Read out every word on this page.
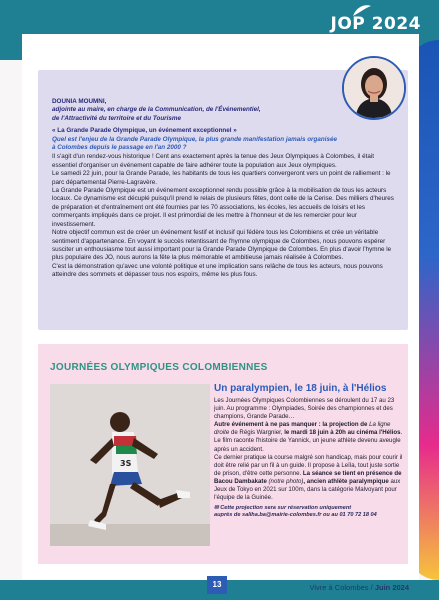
JOP 2024
DOUNIA MOUMNI,
adjointe au maire, en charge de la Communication, de l'Événementiel,
de l'Attractivité du territoire et du Tourisme
« La Grande Parade Olympique, un événement exceptionnel »
Quel est l'enjeu de la Grande Parade Olympique, la plus grande manifestation jamais organisée
à Colombes depuis le passage en l'an 2000 ?

Il s'agit d'un rendez-vous historique ! Cent ans exactement après la tenue des Jeux Olympiques à Colombes, il était essentiel d'organiser un événement capable de faire adhérer toute la population aux Jeux olympiques.

Le samedi 22 juin, pour la Grande Parade, les habitants de tous les quartiers convergeront vers un point de ralliement : le parc départemental Pierre-Lagravère.

La Grande Parade Olympique est un événement exceptionnel rendu possible grâce à la mobilisation de tous les acteurs locaux. Ce dynamisme est décuplé puisqu'il prend le relais de plusieurs fêtes, dont celle de la Cerise. Des milliers d'heures de préparation et d'entraînement ont été fournies par les 70 associations, les écoles, les accueils de loisirs et les commerçants impliqués dans ce projet. Il est primordial de les mettre à l'honneur et de les remercier pour leur investissement.

Notre objectif commun est de créer un événement festif et inclusif qui fédère tous les Colombiens et crée un véritable sentiment d'appartenance. En voyant le succès retentissant de l'hymne olympique de Colombes, nous pouvons espérer susciter un enthousiasme tout aussi important pour la Grande Parade Olympique de Colombes. En plus d'avoir l'hymne le plus populaire des JO, nous aurons la fête la plus mémorable et ambitieuse jamais réalisée à Colombes.

C'est la démonstration qu'avec une volonté politique et une implication sans relâche de tous les acteurs, nous pouvons atteindre des sommets et dépasser tous nos espoirs, même les plus fous.

JOURNÉES OLYMPIQUES COLOMBIENNES
3S
Un paralympien, le 18 juin, à l'Hélios

Les Journées Olympiques Colombiennes se déroulent du 17 au 23 juin. Au programme : Olympiades, Soirée des championnes et des champions, Grande Parade…

Autre événement à ne pas manquer : la projection de La ligne droite de Régis Wargnier, le mardi 18 juin à 20h au cinéma l'Hélios. Le film raconte l'histoire de Yannick, un jeune athlète devenu aveugle après un accident.

Ce dernier pratique la course malgré son handicap, mais pour courir il doit être relié par un fil à un guide. Il propose à Leïla, tout juste sortie de prison, d'être cette personne. La séance se tient en présence de Bacou Dambakate (notre photo), ancien athlète paralympique aux Jeux de Tokyo en 2021 sur 100m, dans la catégorie Malvoyant pour l'équipe de la Guinée.

✉ Cette projection sera sur réservation uniquement
auprès de saliha.ba@mairie-colombes.fr ou au 01 70 72 18 04
13	Vivre à Colombes / Juin 2024
